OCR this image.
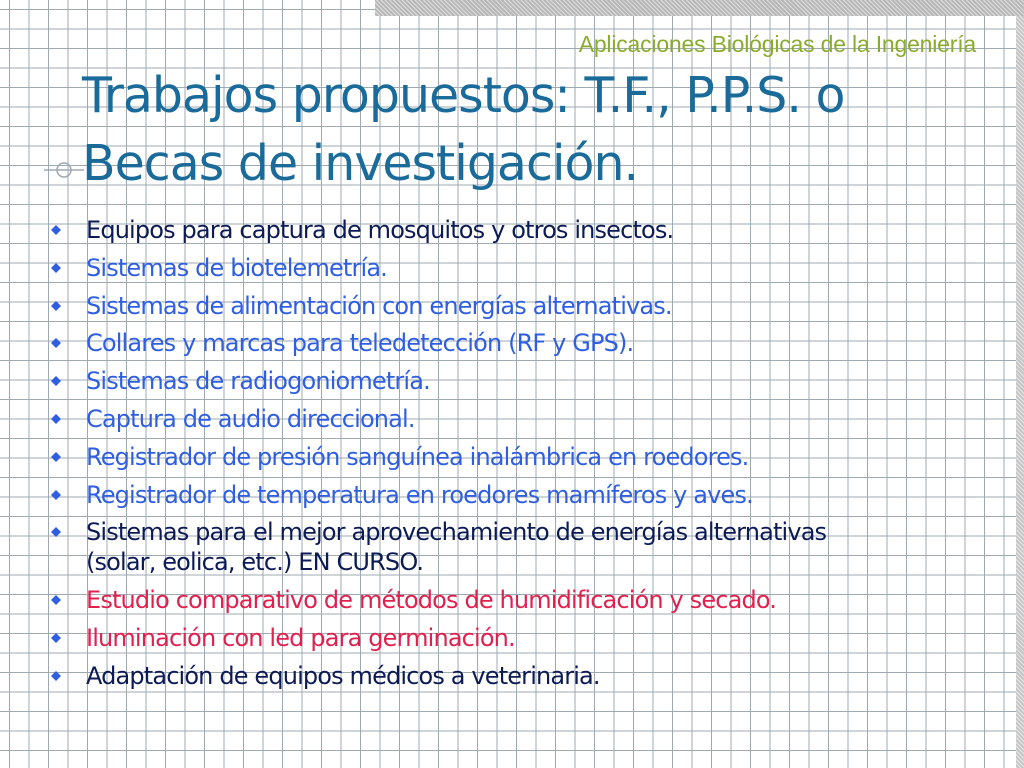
Aplicaciones Biológicas de la Ingeniería
Trabajos propuestos: T.F., P.P.S. o Becas de investigación.
Equipos para captura de mosquitos y otros insectos.
Sistemas de biotelemetría.
Sistemas de alimentación con energías alternativas.
Collares y marcas para teledetección (RF y GPS).
Sistemas de radiogoniometría.
Captura de audio direccional.
Registrador de presión sanguínea inalámbrica en roedores.
Registrador de temperatura en roedores mamíferos y aves.
Sistemas para el mejor aprovechamiento de energías alternativas (solar, eolica, etc.) EN CURSO.
Estudio comparativo de métodos de humidificación y secado.
Iluminación con led para germinación.
Adaptación de equipos médicos a veterinaria.
